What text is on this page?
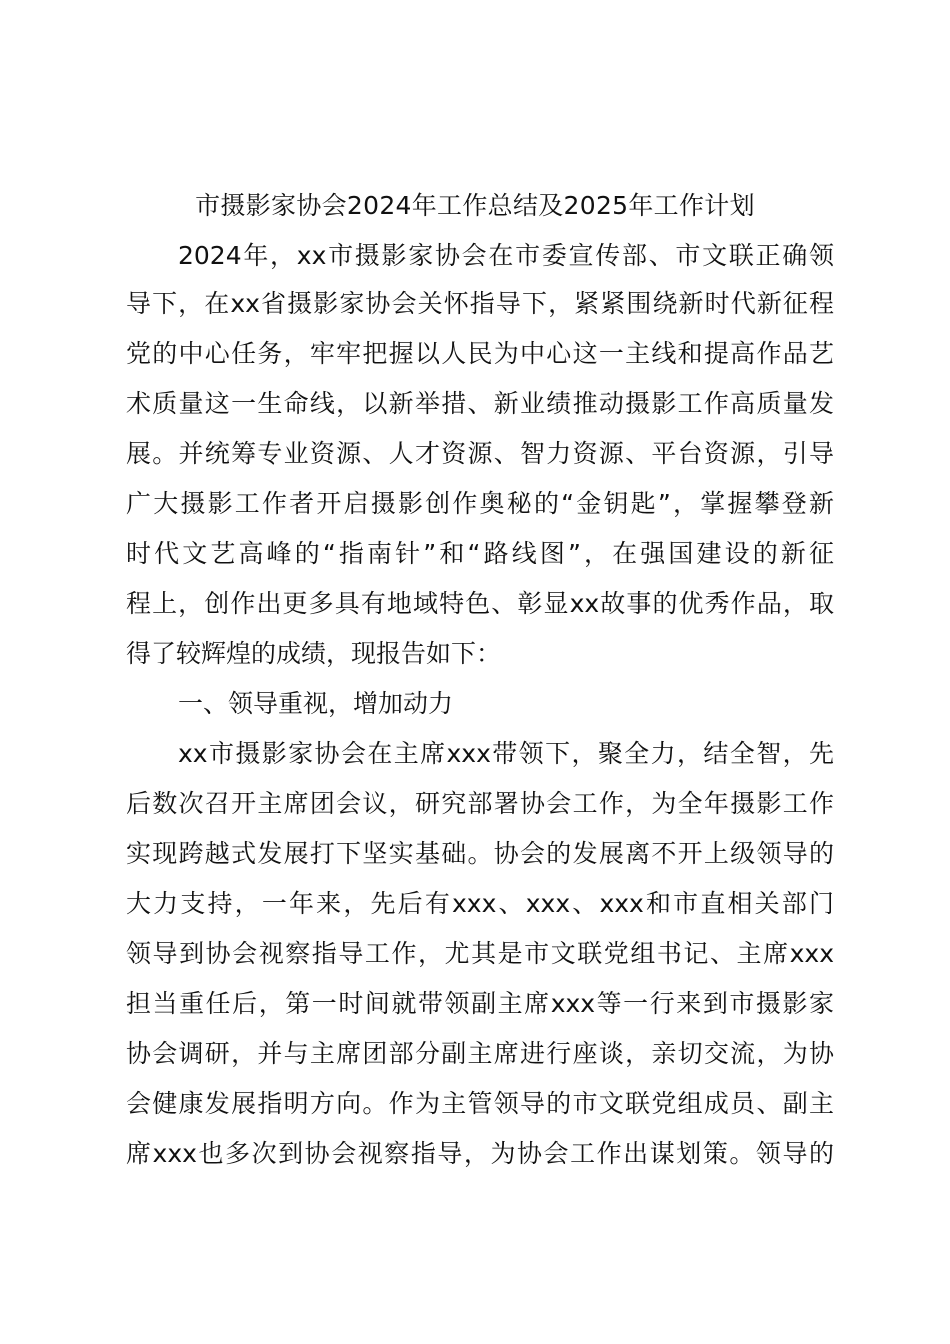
市摄影家协会2024年工作总结及2025年工作计划
2024年，xx市摄影家协会在市委宣传部、市文联正确领
导下，在xx省摄影家协会关怀指导下，紧紧围绕新时代新征程
党的中心任务，牢牢把握以人民为中心这一主线和提高作品艺
术质量这一生命线，以新举措、新业绩推动摄影工作高质量发
展。并统筹专业资源、人才资源、智力资源、平台资源，引导
广大摄影工作者开启摄影创作奥秘的“金钥匙”，掌握攀登新
时代文艺高峰的“指南针”和“路线图”，在强国建设的新征
程上，创作出更多具有地域特色、彰显xx故事的优秀作品，取
得了较辉煌的成绩，现报告如下：
一、领导重视，增加动力
xx市摄影家协会在主席xxx带领下，聚全力，结全智，先
后数次召开主席团会议，研究部署协会工作，为全年摄影工作
实现跨越式发展打下坚实基础。协会的发展离不开上级领导的
大力支持，一年来，先后有xxx、xxx、xxx和市直相关部门
领导到协会视察指导工作，尤其是市文联党组书记、主席xxx
担当重任后，第一时间就带领副主席xxx等一行来到市摄影家
协会调研，并与主席团部分副主席进行座谈，亲切交流，为协
会健康发展指明方向。作为主管领导的市文联党组成员、副主
席xxx也多次到协会视察指导，为协会工作出谋划策。领导的
